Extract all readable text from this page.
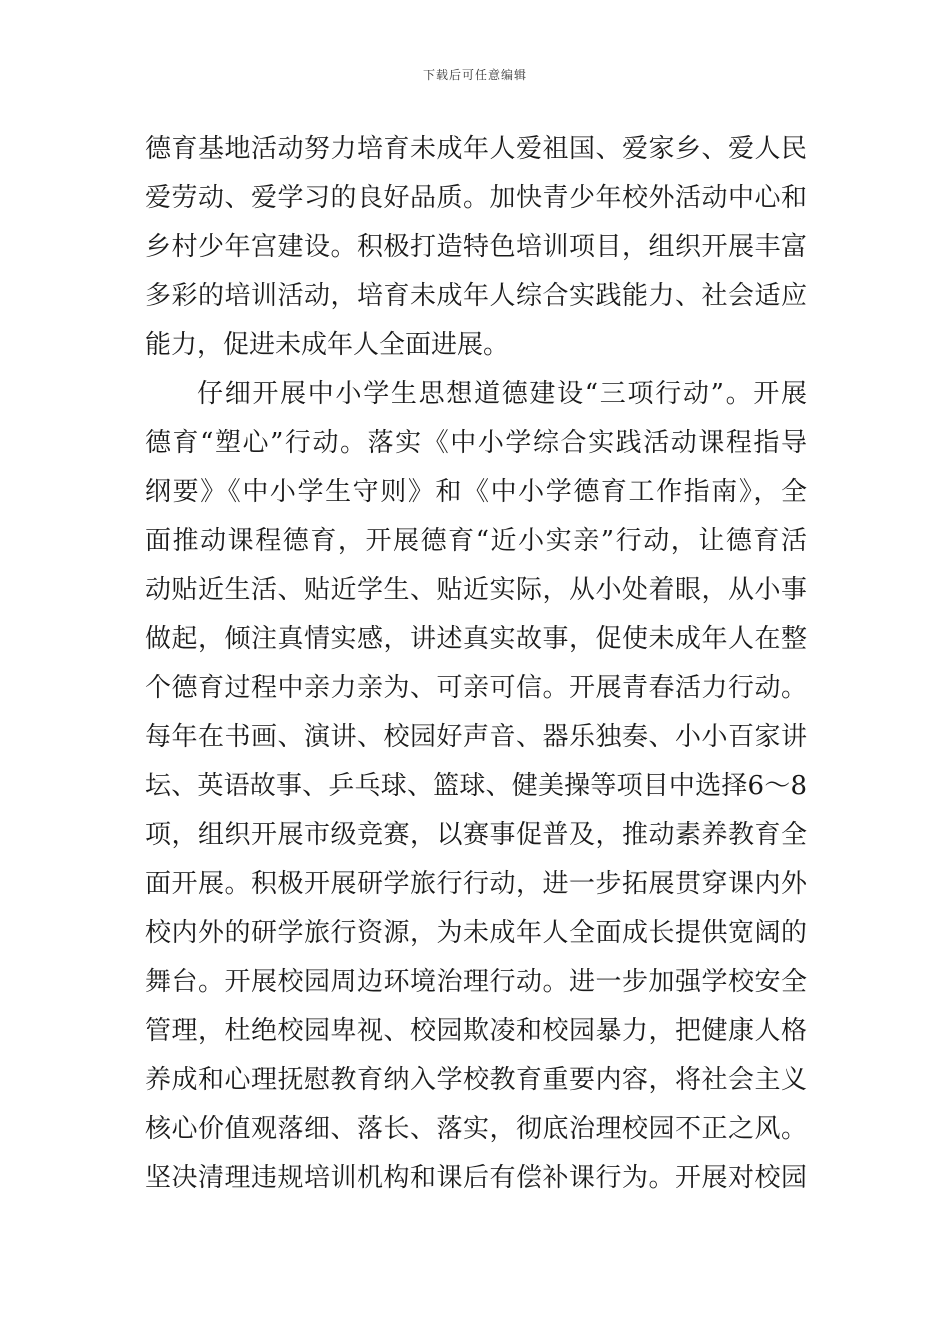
下载后可任意编辑
德育基地活动努力培育未成年人爱祖国、爱家乡、爱人民
爱劳动、爱学习的良好品质。加快青少年校外活动中心和
乡村少年宫建设。积极打造特色培训项目，组织开展丰富
多彩的培训活动，培育未成年人综合实践能力、社会适应
能力，促进未成年人全面进展。
仔细开展中小学生思想道德建设“三项行动”。开展
德育“塑心”行动。落实《中小学综合实践活动课程指导
纲要》《中小学生守则》和《中小学德育工作指南》，全
面推动课程德育，开展德育“近小实亲”行动，让德育活
动贴近生活、贴近学生、贴近实际，从小处着眼，从小事
做起，倾注真情实感，讲述真实故事，促使未成年人在整
个德育过程中亲力亲为、可亲可信。开展青春活力行动。
每年在书画、演讲、校园好声音、器乐独奏、小小百家讲
坛、英语故事、乒乓球、篮球、健美操等项目中选择6～8
项，组织开展市级竞赛，以赛事促普及，推动素养教育全
面开展。积极开展研学旅行行动，进一步拓展贯穿课内外
校内外的研学旅行资源，为未成年人全面成长提供宽阔的
舞台。开展校园周边环境治理行动。进一步加强学校安全
管理，杜绝校园卑视、校园欺凌和校园暴力，把健康人格
养成和心理抚慰教育纳入学校教育重要内容，将社会主义
核心价值观落细、落长、落实，彻底治理校园不正之风。
坚决清理违规培训机构和课后有偿补课行为。开展对校园
